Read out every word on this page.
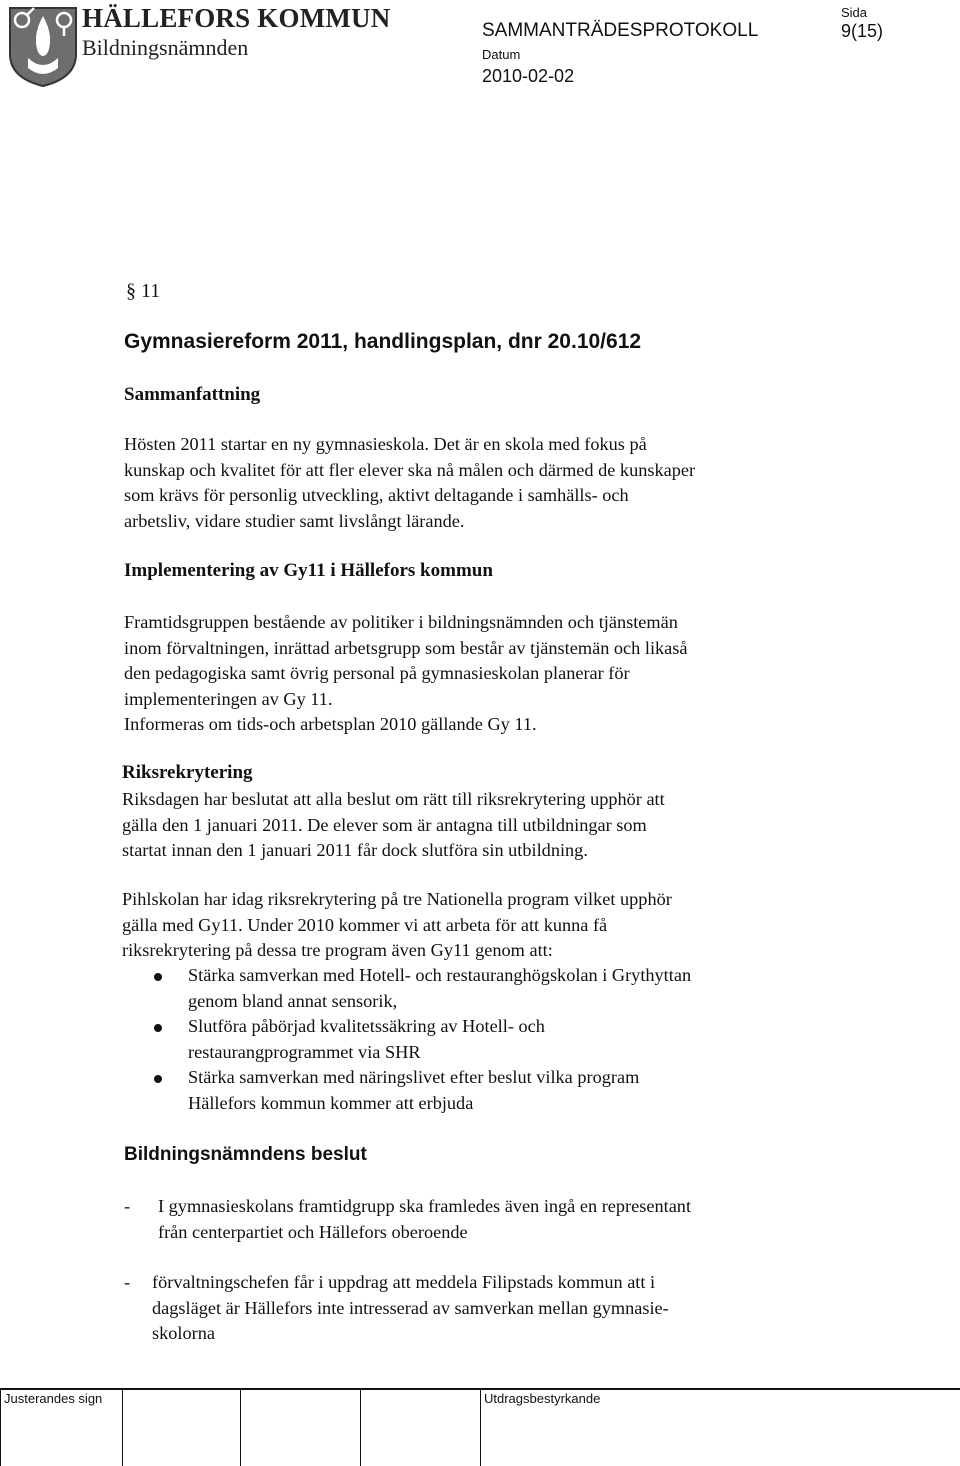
HÄLLEFORS KOMMUN

Bildningsnämnden

SAMMANTRÄDESPROTOKOLL

Sida

9(15)

Datum

2010-02-02

§ 11

Gymnasiereform 2011, handlingsplan, dnr 20.10/612

Sammanfattning

Hösten 2011 startar en ny gymnasieskola. Det är en skola med fokus på

kunskap och kvalitet för att fler elever ska nå målen och därmed de kunskaper

som krävs för personlig utveckling, aktivt deltagande i samhälls- och

arbetsliv, vidare studier samt livslångt lärande.

Implementering av Gy11 i Hällefors kommun

Framtidsgruppen bestående av politiker i bildningsnämnden och tjänstemän

inom förvaltningen, inrättad arbetsgrupp som består av tjänstemän och likaså

den pedagogiska samt övrig personal på gymnasieskolan planerar för

implementeringen av Gy 11.

Informeras om tids-och arbetsplan 2010 gällande Gy 11.

Riksrekrytering

Riksdagen har beslutat att alla beslut om rätt till riksrekrytering upphör att

gälla den 1 januari 2011. De elever som är antagna till utbildningar som

startat innan den 1 januari 2011 får dock slutföra sin utbildning.

Pihlskolan har idag riksrekrytering på tre Nationella program vilket upphör

gälla med Gy11. Under 2010 kommer vi att arbeta för att kunna få

riksrekrytering på dessa tre program även Gy11 genom att:

Stärka samverkan med Hotell- och restauranghögskolan i Grythyttan
genom bland annat sensorik,
Slutföra påbörjad kvalitetssäkring av Hotell- och
restaurangprogrammet via SHR
Stärka samverkan med näringslivet efter beslut vilka program
Hällefors kommun kommer att erbjuda

Bildningsnämndens beslut

- I gymnasieskolans framtidgrupp ska framledes även ingå en representant
från centerpartiet och Hällefors oberoende
- förvaltningschefen får i uppdrag att meddela Filipstads kommun att i
dagsläget är Hällefors inte intresserad av samverkan mellan gymnasie-
skolorna
Justerandes sign	Utdragsbestyrkande
